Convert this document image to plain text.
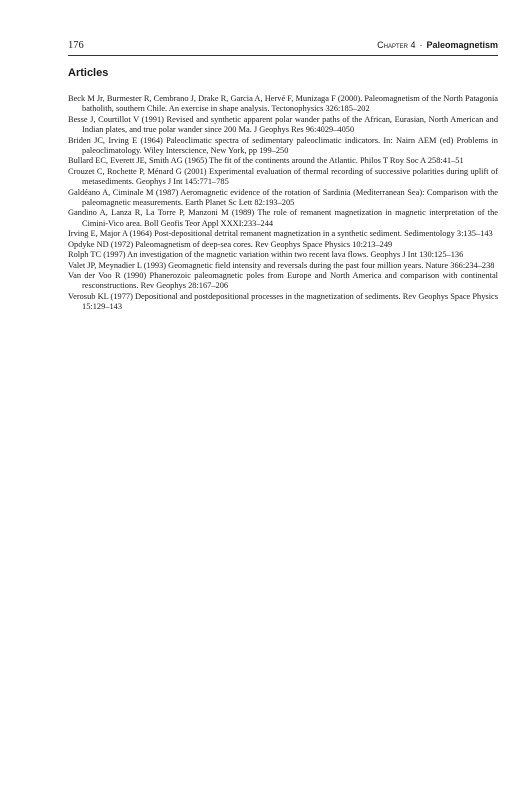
176	Chapter 4 · Paleomagnetism
Articles
Beck M Jr, Burmester R, Cembrano J, Drake R, Garcia A, Hervé F, Munizaga F (2000). Paleomagnetism of the North Patagonia batholith, southern Chile. An exercise in shape analysis. Tectonophysics 326:185–202
Besse J, Courtillot V (1991) Revised and synthetic apparent polar wander paths of the African, Eurasian, North American and Indian plates, and true polar wander since 200 Ma. J Geophys Res 96:4029–4050
Briden JC, Irving E (1964) Paleoclimatic spectra of sedimentary paleoclimatic indicators. In: Nairn AEM (ed) Problems in paleoclimatology. Wiley Interscience, New York, pp 199–250
Bullard EC, Everett JE, Smith AG (1965) The fit of the continents around the Atlantic. Philos T Roy Soc A 258:41–51
Crouzet C, Rochette P, Ménard G (2001) Experimental evaluation of thermal recording of successive polarities during uplift of metasediments. Geophys J Int 145:771–785
Galdéano A, Ciminale M (1987) Aeromagnetic evidence of the rotation of Sardinia (Mediterranean Sea): Comparison with the paleomagnetic measurements. Earth Planet Sc Lett 82:193–205
Gandino A, Lanza R, La Torre P, Manzoni M (1989) The role of remanent magnetization in magnetic interpretation of the Cimini-Vico area. Boll Geofis Teor Appl XXXI:233–244
Irving E, Major A (1964) Post-depositional detrital remanent magnetization in a synthetic sediment. Sedimentology 3:135–143
Opdyke ND (1972) Paleomagnetism of deep-sea cores. Rev Geophys Space Physics 10:213–249
Rolph TC (1997) An investigation of the magnetic variation within two recent lava flows. Geophys J Int 130:125–136
Valet JP, Meynadier L (1993) Geomagnetic field intensity and reversals during the past four million years. Nature 366:234–238
Van der Voo R (1990) Phanerozoic paleomagnetic poles from Europe and North America and comparison with continental resconstructions. Rev Geophys 28:167–206
Verosub KL (1977) Depositional and postdepositional processes in the magnetization of sediments. Rev Geophys Space Physics 15:129–143
